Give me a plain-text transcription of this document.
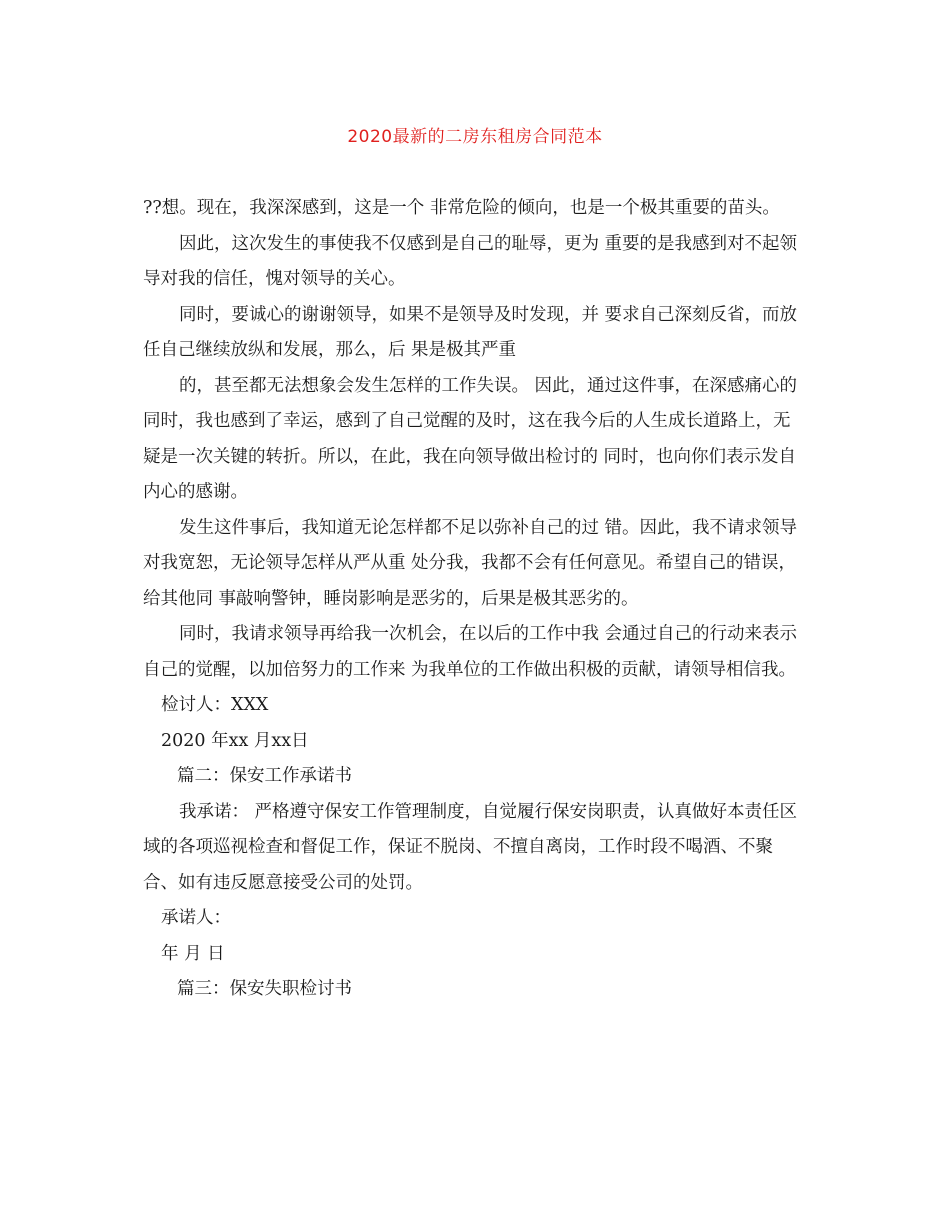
2020最新的二房东租房合同范本

??想。现在，我深深感到，这是一个 非常危险的倾向，也是一个极其重要的苗头。

因此，这次发生的事使我不仅感到是自己的耻辱，更为 重要的是我感到对不起领导对我的信任，愧对领导的关心。

同时，要诚心的谢谢领导，如果不是领导及时发现，并 要求自己深刻反省，而放任自己继续放纵和发展，那么，后 果是极其严重

的，甚至都无法想象会发生怎样的工作失误。 因此，通过这件事，在深感痛心的同时，我也感到了幸运，感到了自己觉醒的及时，这在我今后的人生成长道路上，无 疑是一次关键的转折。所以，在此，我在向领导做出检讨的 同时，也向你们表示发自内心的感谢。

发生这件事后，我知道无论怎样都不足以弥补自己的过 错。因此，我不请求领导对我宽恕，无论领导怎样从严从重 处分我，我都不会有任何意见。希望自己的错误，给其他同 事敲响警钟，睡岗影响是恶劣的，后果是极其恶劣的。

同时，我请求领导再给我一次机会，在以后的工作中我 会通过自己的行动来表示自己的觉醒，以加倍努力的工作来 为我单位的工作做出积极的贡献，请领导相信我。

检讨人：XXX

2020 年xx 月xx日

篇二：保安工作承诺书

我承诺： 严格遵守保安工作管理制度，自觉履行保安岗职责，认真做好本责任区域的各项巡视检查和督促工作，保证不脱岗、不擅自离岗，工作时段不喝酒、不聚合、如有违反愿意接受公司的处罚。

承诺人：

年 月 日

篇三：保安失职检讨书
